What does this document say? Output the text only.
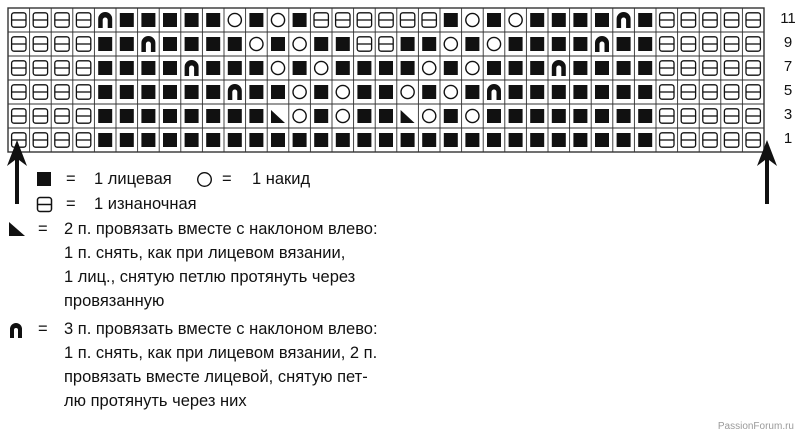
11
9
7
5
3
1
= 1 лицевая	= 1 накид
= 1 изнаночная
= 2 п. провязать вместе с наклоном влево:
1 п. снять, как при лицевом вязании,
1 лиц., снятую петлю протянуть через
провязанную
= 3 п. провязать вместе с наклоном влево:
1 п. снять, как при лицевом вязании, 2 п.
провязать вместе лицевой, снятую пет-
лю протянуть через них
PassionForum.ru
